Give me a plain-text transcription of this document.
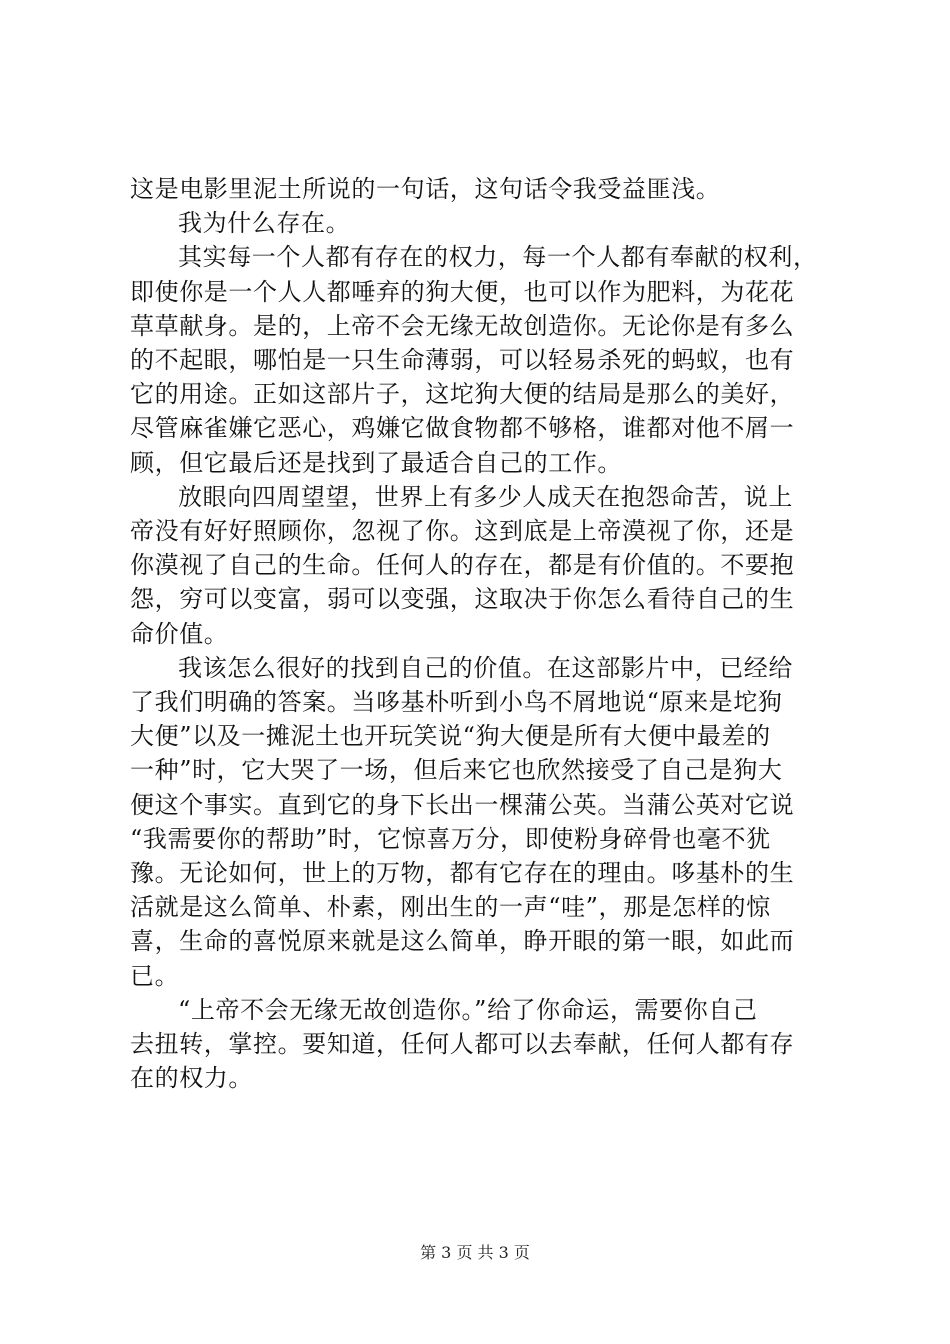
这是电影里泥土所说的一句话，这句话令我受益匪浅。

我为什么存在。

其实每一个人都有存在的权力，每一个人都有奉献的权利，
即使你是一个人人都唾弃的狗大便，也可以作为肥料，为花花
草草献身。是的，上帝不会无缘无故创造你。无论你是有多么
的不起眼，哪怕是一只生命薄弱，可以轻易杀死的蚂蚁，也有
它的用途。正如这部片子，这坨狗大便的结局是那么的美好，
尽管麻雀嫌它恶心，鸡嫌它做食物都不够格，谁都对他不屑一
顾，但它最后还是找到了最适合自己的工作。

放眼向四周望望，世界上有多少人成天在抱怨命苦，说上
帝没有好好照顾你，忽视了你。这到底是上帝漠视了你，还是
你漠视了自己的生命。任何人的存在，都是有价值的。不要抱
怨，穷可以变富，弱可以变强，这取决于你怎么看待自己的生
命价值。

我该怎么很好的找到自己的价值。在这部影片中，已经给
了我们明确的答案。当哆基朴听到小鸟不屑地说“原来是坨狗
大便”以及一摊泥土也开玩笑说“狗大便是所有大便中最差的
一种”时，它大哭了一场，但后来它也欣然接受了自己是狗大
便这个事实。直到它的身下长出一棵蒲公英。当蒲公英对它说
“我需要你的帮助”时，它惊喜万分，即使粉身碎骨也毫不犹
豫。无论如何，世上的万物，都有它存在的理由。哆基朴的生
活就是这么简单、朴素，刚出生的一声“哇”，那是怎样的惊
喜，生命的喜悦原来就是这么简单，睁开眼的第一眼，如此而
已。

“上帝不会无缘无故创造你。”给了你命运，需要你自己
去扭转，掌控。要知道，任何人都可以去奉献，任何人都有存
在的权力。

第 3 页 共 3 页
